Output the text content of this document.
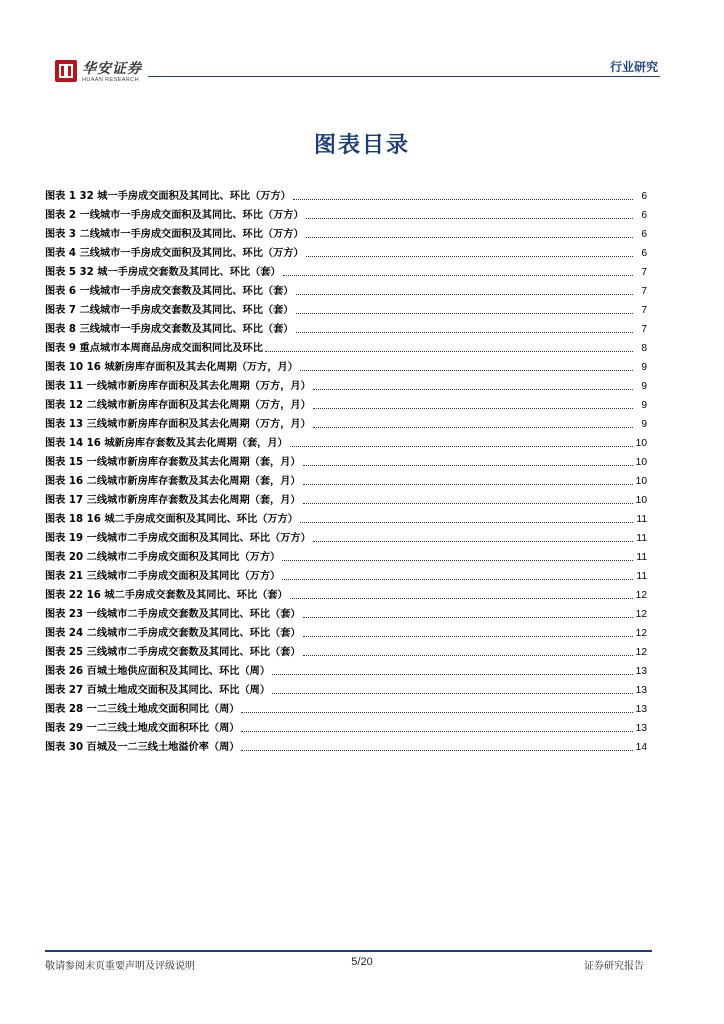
华安证券
HUAAN RESEARCH
行业研究
图表目录
图表 1 32 城一手房成交面积及其同比、环比（万方）	6
图表 2 一线城市一手房成交面积及其同比、环比（万方）	6
图表 3 二线城市一手房成交面积及其同比、环比（万方）	6
图表 4 三线城市一手房成交面积及其同比、环比（万方）	6
图表 5 32 城一手房成交套数及其同比、环比（套）	7
图表 6 一线城市一手房成交套数及其同比、环比（套）	7
图表 7 二线城市一手房成交套数及其同比、环比（套）	7
图表 8 三线城市一手房成交套数及其同比、环比（套）	7
图表 9 重点城市本周商品房成交面积同比及环比	8
图表 10 16 城新房库存面积及其去化周期（万方，月）	9
图表 11 一线城市新房库存面积及其去化周期（万方，月）	9
图表 12 二线城市新房库存面积及其去化周期（万方，月）	9
图表 13 三线城市新房库存面积及其去化周期（万方，月）	9
图表 14 16 城新房库存套数及其去化周期（套，月）	10
图表 15 一线城市新房库存套数及其去化周期（套，月）	10
图表 16 二线城市新房库存套数及其去化周期（套，月）	10
图表 17 三线城市新房库存套数及其去化周期（套，月）	10
图表 18 16 城二手房成交面积及其同比、环比（万方）	11
图表 19 一线城市二手房成交面积及其同比、环比（万方）	11
图表 20 二线城市二手房成交面积及其同比（万方）	11
图表 21 三线城市二手房成交面积及其同比（万方）	11
图表 22 16 城二手房成交套数及其同比、环比（套）	12
图表 23 一线城市二手房成交套数及其同比、环比（套）	12
图表 24 二线城市二手房成交套数及其同比、环比（套）	12
图表 25 三线城市二手房成交套数及其同比、环比（套）	12
图表 26 百城土地供应面积及其同比、环比（周）	13
图表 27 百城土地成交面积及其同比、环比（周）	13
图表 28 一二三线土地成交面积同比（周）	13
图表 29 一二三线土地成交面积环比（周）	13
图表 30 百城及一二三线土地溢价率（周）	14
敬请参阅末页重要声明及评级说明	5/20	证券研究报告
